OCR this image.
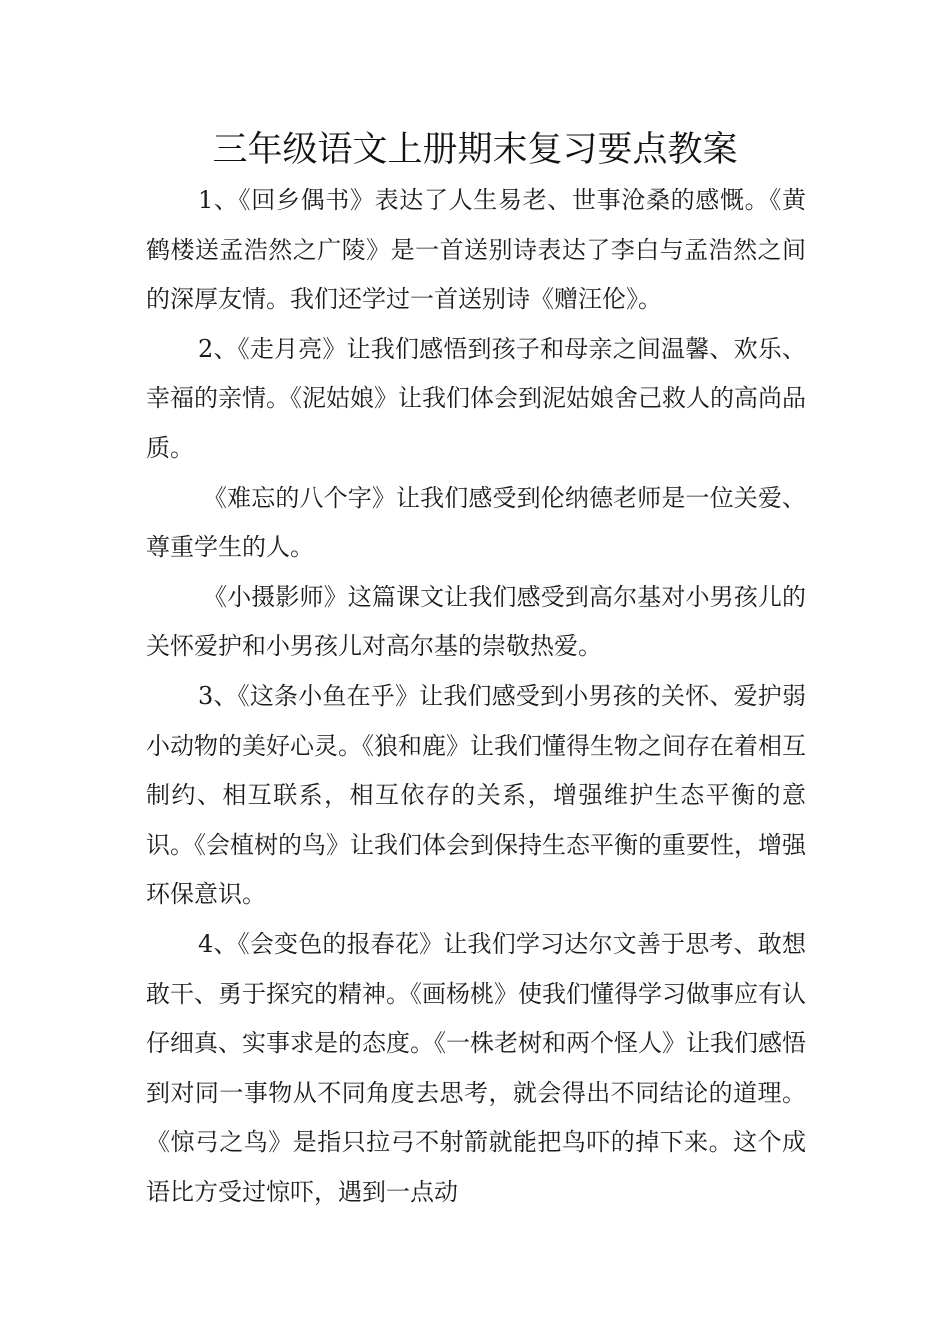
三年级语文上册期末复习要点教案

1、《回乡偶书》表达了人生易老、世事沧桑的感慨。《黄鹤楼送孟浩然之广陵》是一首送别诗表达了李白与孟浩然之间的深厚友情。我们还学过一首送别诗《赠汪伦》。

2、《走月亮》让我们感悟到孩子和母亲之间温馨、欢乐、幸福的亲情。《泥姑娘》让我们体会到泥姑娘舍己救人的高尚品质。

《难忘的八个字》让我们感受到伦纳德老师是一位关爱、尊重学生的人。

《小摄影师》这篇课文让我们感受到高尔基对小男孩儿的关怀爱护和小男孩儿对高尔基的崇敬热爱。

3、《这条小鱼在乎》让我们感受到小男孩的关怀、爱护弱小动物的美好心灵。《狼和鹿》让我们懂得生物之间存在着相互制约、相互联系，相互依存的关系，增强维护生态平衡的意识。《会植树的鸟》让我们体会到保持生态平衡的重要性，增强环保意识。

4、《会变色的报春花》让我们学习达尔文善于思考、敢想敢干、勇于探究的精神。《画杨桃》使我们懂得学习做事应有认仔细真、实事求是的态度。《一株老树和两个怪人》让我们感悟到对同一事物从不同角度去思考，就会得出不同结论的道理。《惊弓之鸟》是指只拉弓不射箭就能把鸟吓的掉下来。这个成语比方受过惊吓，遇到一点动
